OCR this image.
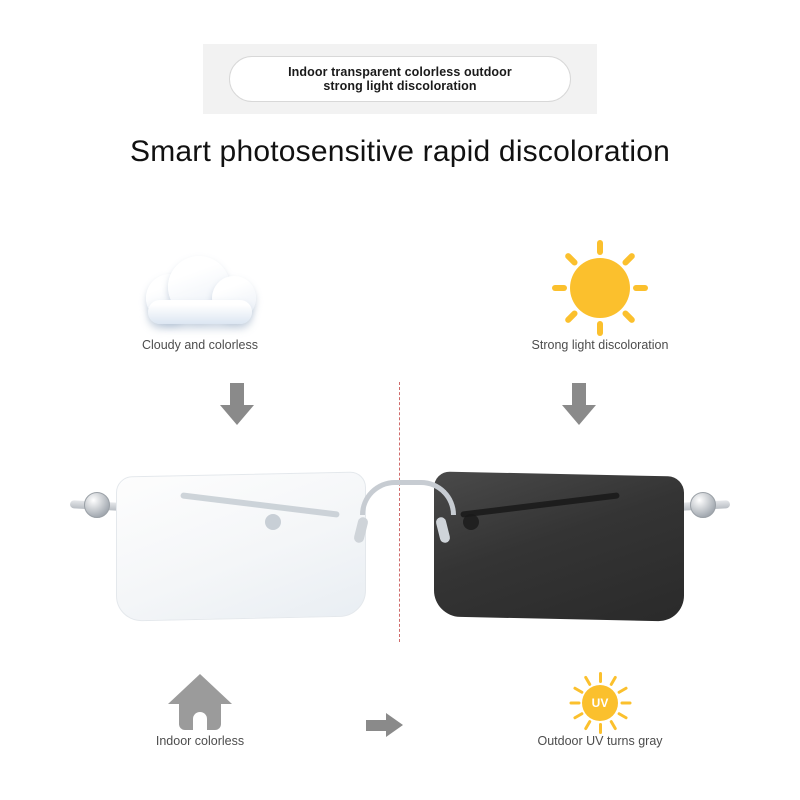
Indoor transparent colorless outdoor
strong light discoloration
Smart photosensitive rapid discoloration
Cloudy and colorless	Strong light discoloration
Indoor colorless
UV
Outdoor UV turns gray
